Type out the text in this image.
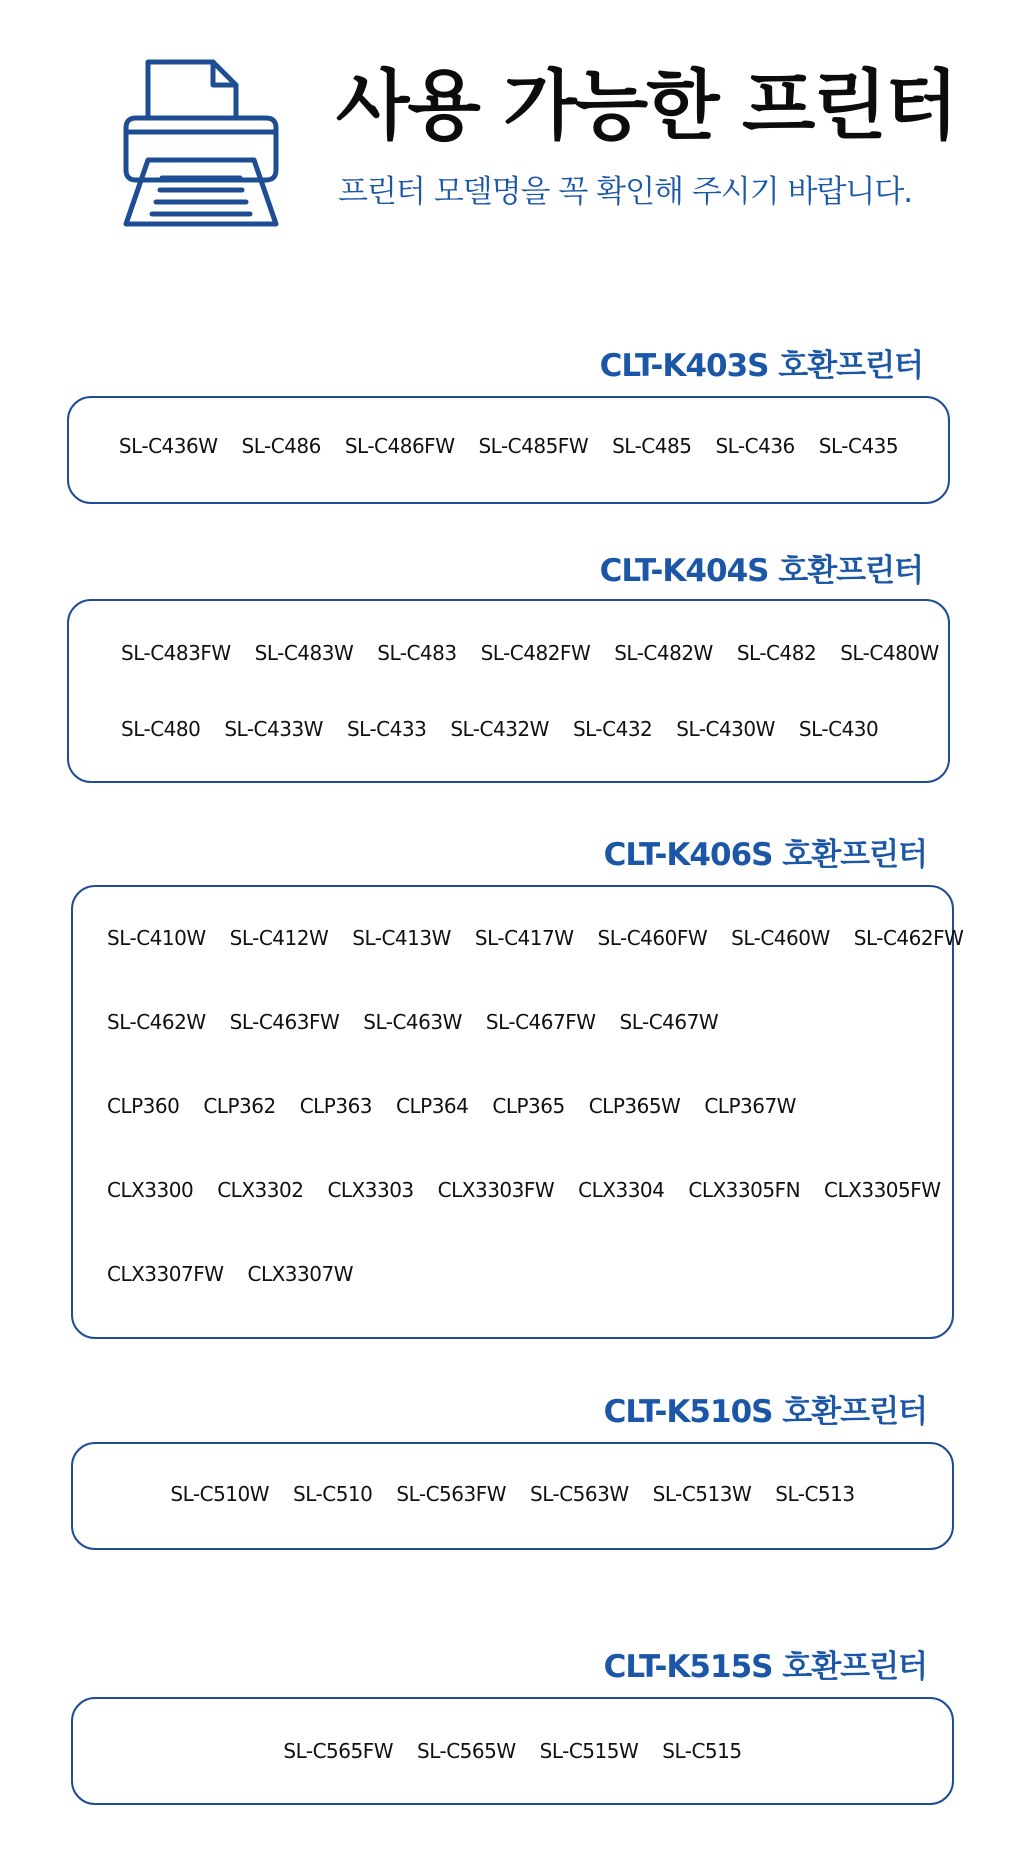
사용 가능한 프린터

프린터 모델명을 꼭 확인해 주시기 바랍니다.

CLT-K403S 호환프린터
SL-C436W SL-C486 SL-C486FW SL-C485FW SL-C485 SL-C436 SL-C435
CLT-K404S 호환프린터
SL-C483FW SL-C483W SL-C483 SL-C482FW SL-C482W SL-C482 SL-C480W
SL-C480 SL-C433W SL-C433 SL-C432W SL-C432 SL-C430W SL-C430
CLT-K406S 호환프린터
SL-C410W SL-C412W SL-C413W SL-C417W SL-C460FW SL-C460W SL-C462FW
SL-C462W SL-C463FW SL-C463W SL-C467FW SL-C467W
CLP360 CLP362 CLP363 CLP364 CLP365 CLP365W CLP367W
CLX3300 CLX3302 CLX3303 CLX3303FW CLX3304 CLX3305FN CLX3305FW
CLX3307FW CLX3307W
CLT-K510S 호환프린터
SL-C510W SL-C510 SL-C563FW SL-C563W SL-C513W SL-C513
CLT-K515S 호환프린터
SL-C565FW SL-C565W SL-C515W SL-C515
